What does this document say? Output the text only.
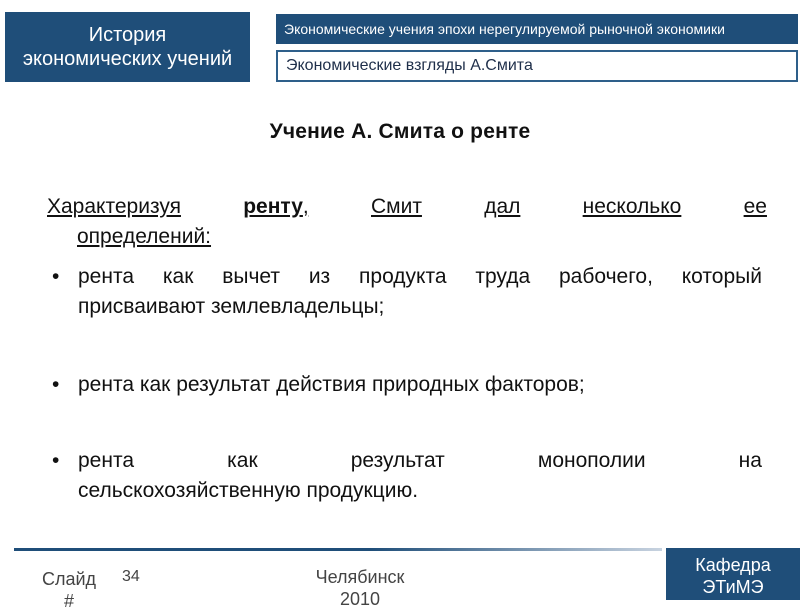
История
экономических учений
Экономические учения эпохи нерегулируемой рыночной экономики
Экономические взгляды А.Смита
Учение А. Смита о ренте
Характеризуя	ренту,	Смит	дал	несколько	ее
определений:
• рента как вычет из продукта труда рабочего, который
присваивают землевладельцы;
• рента как результат действия природных факторов;
• рента	как	результат	монополии	на
сельскохозяйственную продукцию.
Слайд
#
34	Челябинск
2010
Кафедра
ЭТиМЭ
